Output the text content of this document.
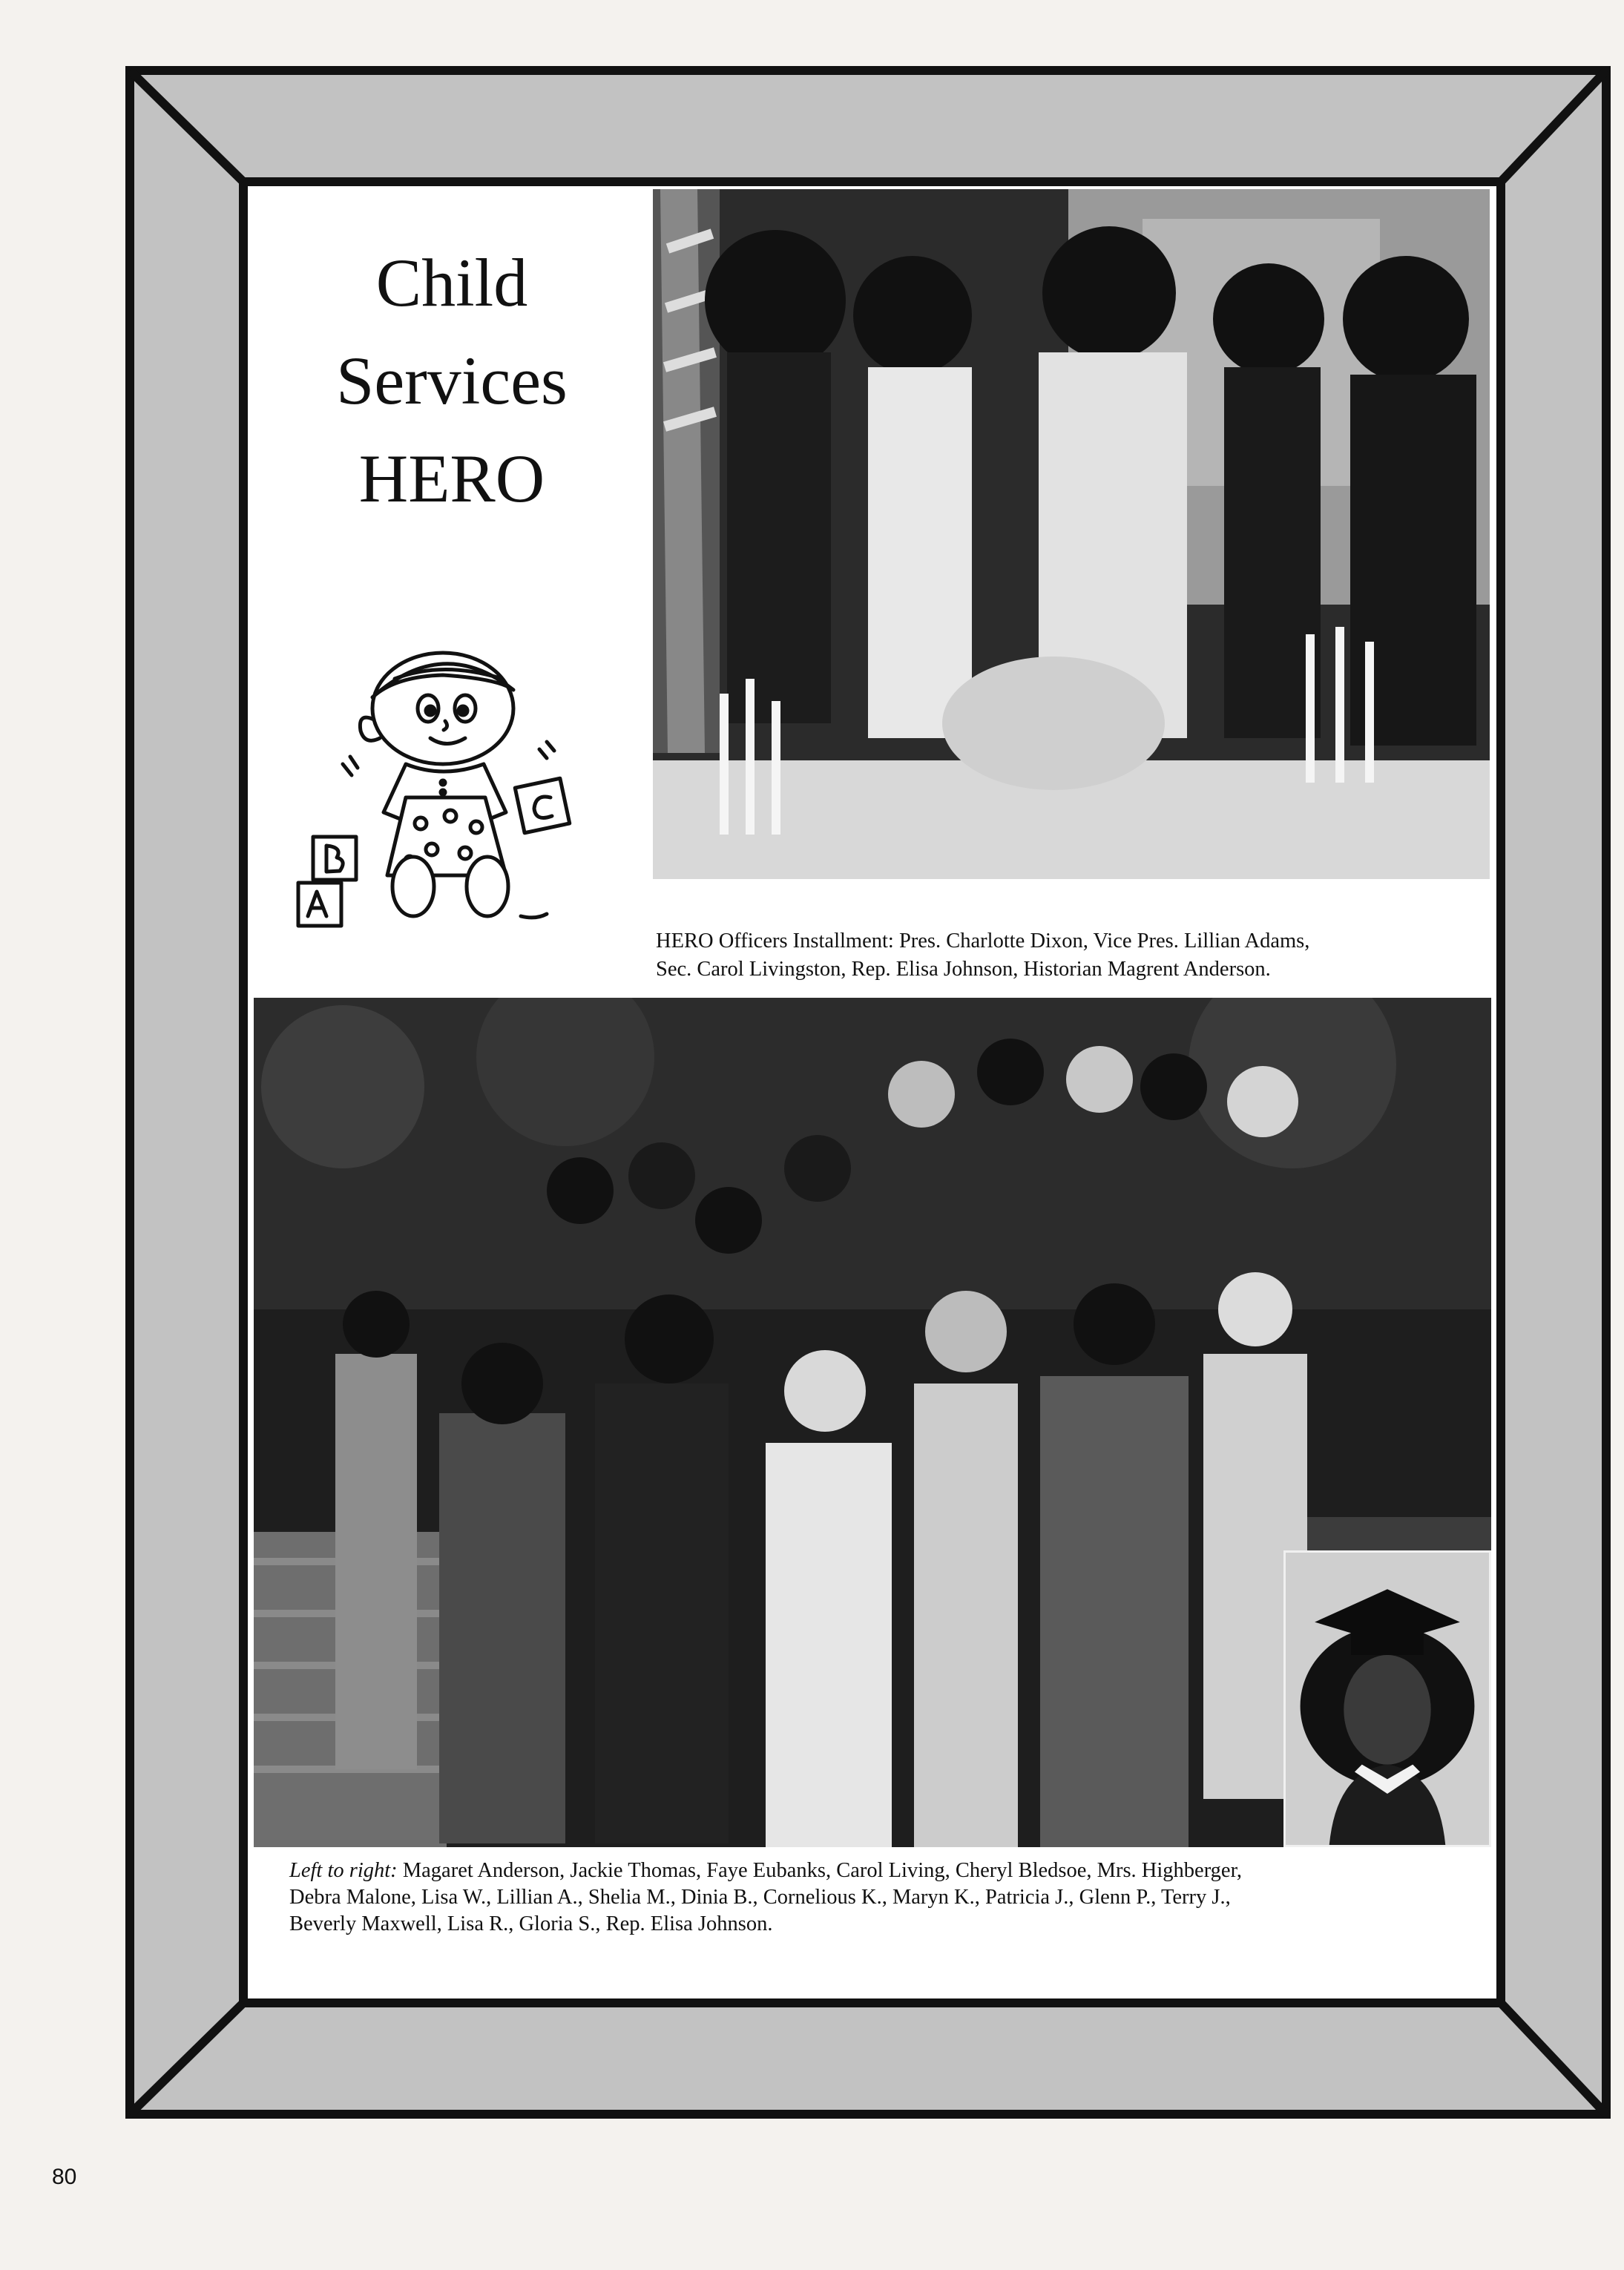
Child
Services
HERO
HERO Officers Installment: Pres. Charlotte Dixon, Vice Pres. Lillian Adams,
Sec. Carol Livingston, Rep. Elisa Johnson, Historian Magrent Anderson.
Left to right: Magaret Anderson, Jackie Thomas, Faye Eubanks, Carol Living, Cheryl Bledsoe, Mrs. Highberger,
Debra Malone, Lisa W., Lillian A., Shelia M., Dinia B., Cornelious K., Maryn K., Patricia J., Glenn P., Terry J.,
Beverly Maxwell, Lisa R., Gloria S., Rep. Elisa Johnson.
80
